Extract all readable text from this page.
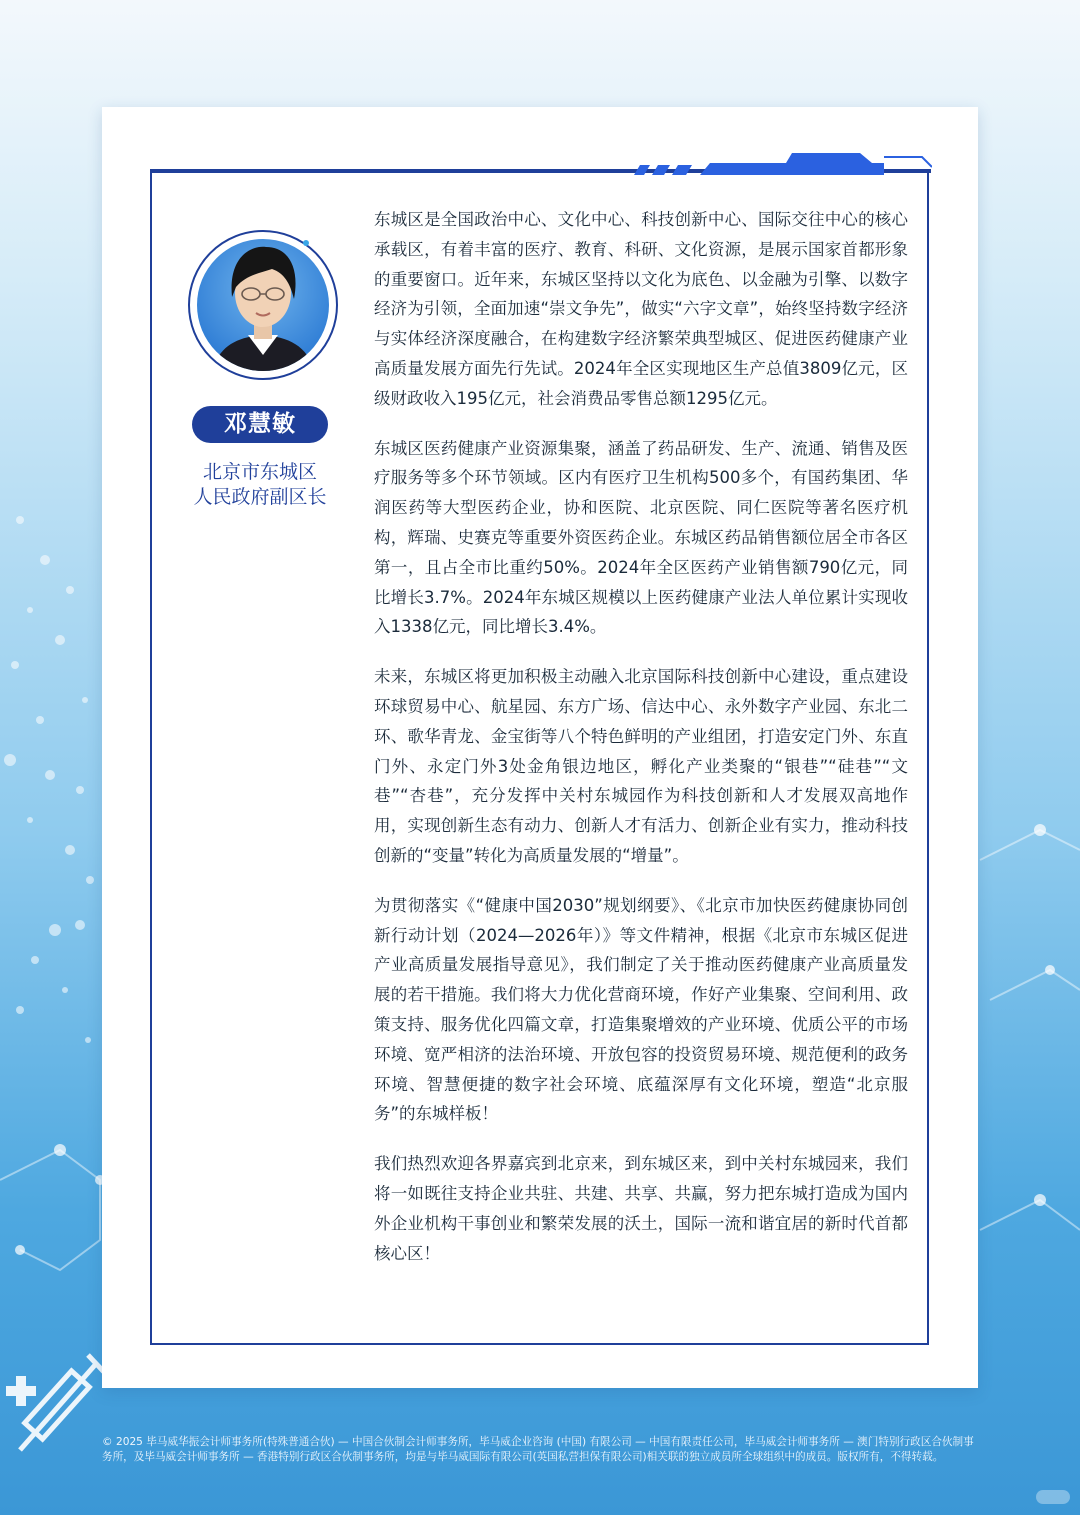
邓慧敏
北京市东城区
人民政府副区长

东城区是全国政治中心、文化中心、科技创新中心、国际交往中心的核心承载区，有着丰富的医疗、教育、科研、文化资源，是展示国家首都形象的重要窗口。近年来，东城区坚持以文化为底色、以金融为引擎、以数字经济为引领，全面加速“崇文争先”，做实“六字文章”，始终坚持数字经济与实体经济深度融合，在构建数字经济繁荣典型城区、促进医药健康产业高质量发展方面先行先试。2024年全区实现地区生产总值3809亿元，区级财政收入195亿元，社会消费品零售总额1295亿元。

东城区医药健康产业资源集聚，涵盖了药品研发、生产、流通、销售及医疗服务等多个环节领域。区内有医疗卫生机构500多个，有国药集团、华润医药等大型医药企业，协和医院、北京医院、同仁医院等著名医疗机构，辉瑞、史赛克等重要外资医药企业。东城区药品销售额位居全市各区第一，且占全市比重约50%。2024年全区医药产业销售额790亿元，同比增长3.7%。2024年东城区规模以上医药健康产业法人单位累计实现收入1338亿元，同比增长3.4%。

未来，东城区将更加积极主动融入北京国际科技创新中心建设，重点建设环球贸易中心、航星园、东方广场、信达中心、永外数字产业园、东北二环、歌华青龙、金宝街等八个特色鲜明的产业组团，打造安定门外、东直门外、永定门外3处金角银边地区，孵化产业类聚的“银巷”“硅巷”“文巷”“杏巷”，充分发挥中关村东城园作为科技创新和人才发展双高地作用，实现创新生态有动力、创新人才有活力、创新企业有实力，推动科技创新的“变量”转化为高质量发展的“增量”。

为贯彻落实《“健康中国2030”规划纲要》、《北京市加快医药健康协同创新行动计划（2024—2026年）》等文件精神，根据《北京市东城区促进产业高质量发展指导意见》，我们制定了关于推动医药健康产业高质量发展的若干措施。我们将大力优化营商环境，作好产业集聚、空间利用、政策支持、服务优化四篇文章，打造集聚增效的产业环境、优质公平的市场环境、宽严相济的法治环境、开放包容的投资贸易环境、规范便利的政务环境、智慧便捷的数字社会环境、底蕴深厚有文化环境，塑造“北京服务”的东城样板！

我们热烈欢迎各界嘉宾到北京来，到东城区来，到中关村东城园来，我们将一如既往支持企业共驻、共建、共享、共赢，努力把东城打造成为国内外企业机构干事创业和繁荣发展的沃土，国际一流和谐宜居的新时代首都核心区！

© 2025 毕马威华振会计师事务所(特殊普通合伙) — 中国合伙制会计师事务所，毕马威企业咨询 (中国) 有限公司 — 中国有限责任公司，毕马威会计师事务所 — 澳门特别行政区合伙制事务所，及毕马威会计师事务所 — 香港特别行政区合伙制事务所，均是与毕马威国际有限公司(英国私营担保有限公司)相关联的独立成员所全球组织中的成员。版权所有，不得转载。
